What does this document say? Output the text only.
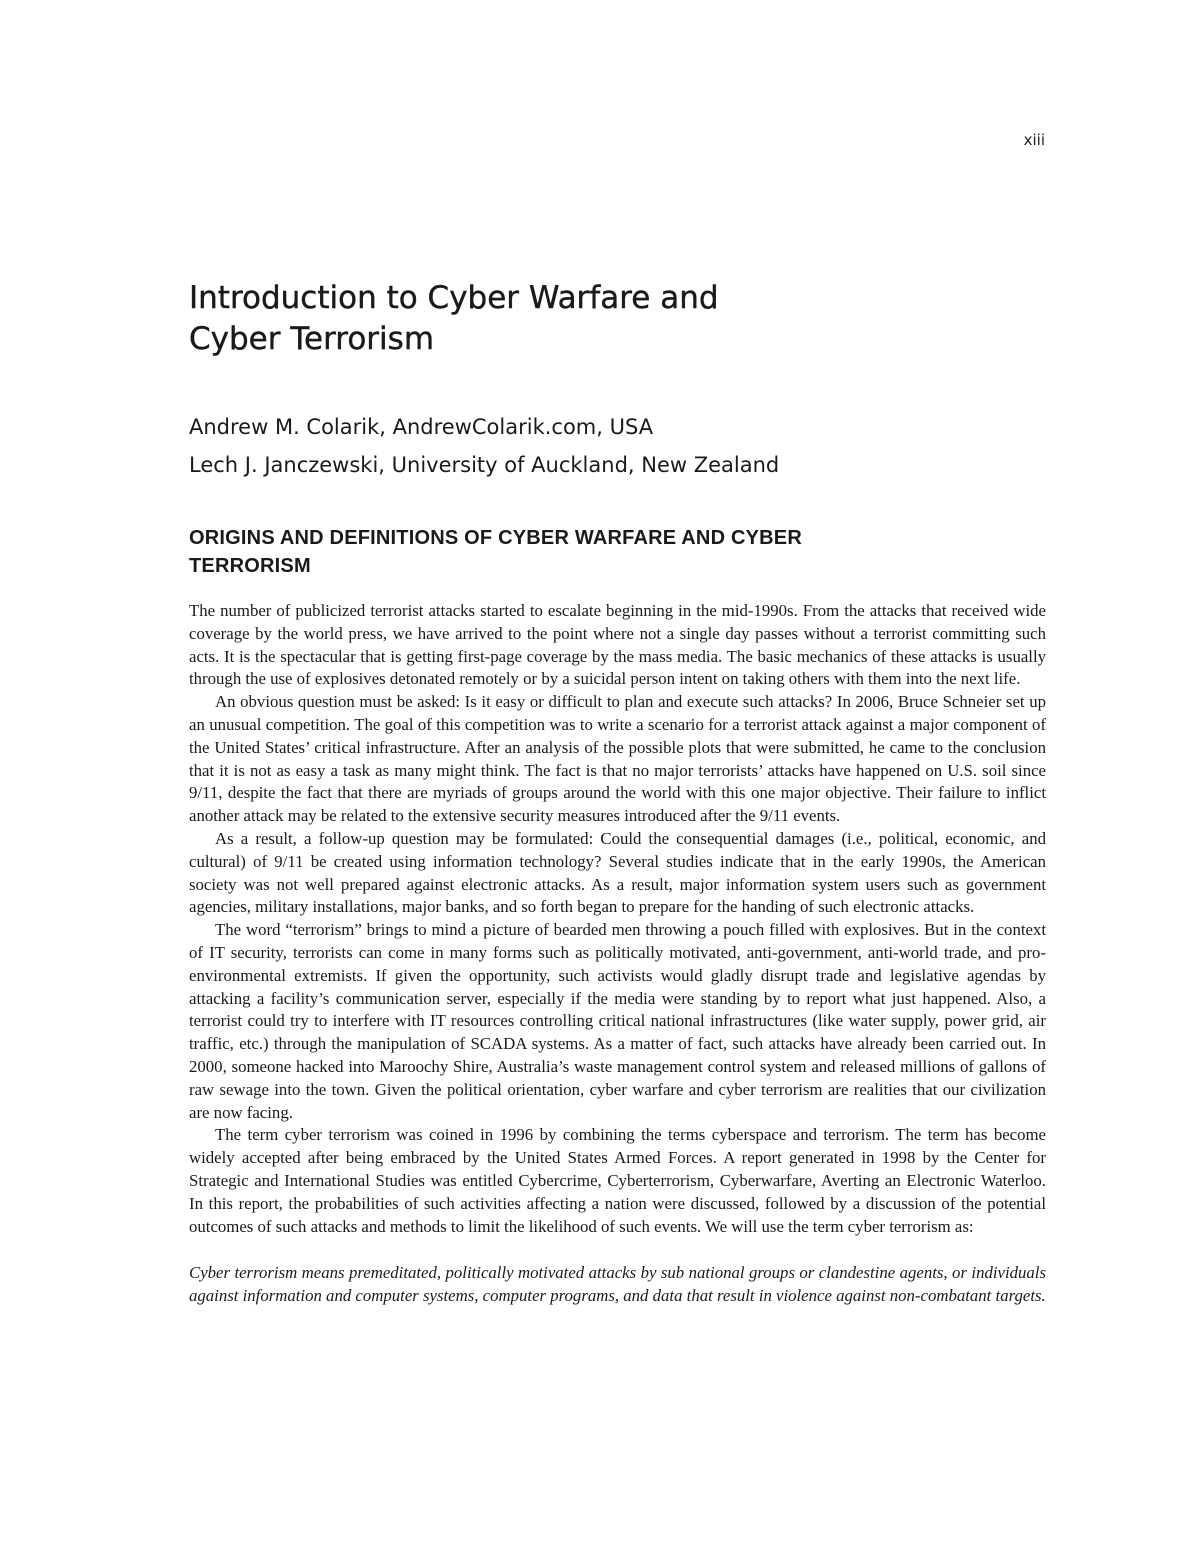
xiii
Introduction to Cyber Warfare and
Cyber Terrorism
Andrew M. Colarik, AndrewColarik.com, USA
Lech J. Janczewski, University of Auckland, New Zealand
ORIGINS AND DEFINITIONS OF CYBER WARFARE AND CYBER
TERRORISM

The number of publicized terrorist attacks started to escalate beginning in the mid-1990s. From the attacks that received wide coverage by the world press, we have arrived to the point where not a single day passes without a terrorist committing such acts. It is the spectacular that is getting first-page coverage by the mass media. The basic mechanics of these attacks is usually through the use of explosives detonated remotely or by a suicidal person intent on taking others with them into the next life.

An obvious question must be asked: Is it easy or difficult to plan and execute such attacks? In 2006, Bruce Schneier set up an unusual competition. The goal of this competition was to write a scenario for a terrorist attack against a major component of the United States’ critical infrastructure. After an analysis of the possible plots that were submitted, he came to the conclusion that it is not as easy a task as many might think. The fact is that no major terrorists’ attacks have happened on U.S. soil since 9/11, despite the fact that there are myriads of groups around the world with this one major objective. Their failure to inflict another attack may be related to the extensive security measures introduced after the 9/11 events.

As a result, a follow-up question may be formulated: Could the consequential damages (i.e., political, economic, and cultural) of 9/11 be created using information technology? Several studies indicate that in the early 1990s, the American society was not well prepared against electronic attacks. As a result, major information system users such as government agencies, military installations, major banks, and so forth began to prepare for the handing of such electronic attacks.

The word “terrorism” brings to mind a picture of bearded men throwing a pouch filled with explosives. But in the context of IT security, terrorists can come in many forms such as politically motivated, anti-government, anti-world trade, and pro-environmental extremists. If given the opportunity, such activists would gladly disrupt trade and legislative agendas by attacking a facility’s communication server, especially if the media were standing by to report what just happened. Also, a terrorist could try to interfere with IT resources controlling critical national infrastructures (like water supply, power grid, air traffic, etc.) through the manipulation of SCADA systems. As a matter of fact, such attacks have already been carried out. In 2000, someone hacked into Maroochy Shire, Australia’s waste management control system and released millions of gallons of raw sewage into the town. Given the political orientation, cyber warfare and cyber terrorism are realities that our civilization are now facing.

The term cyber terrorism was coined in 1996 by combining the terms cyberspace and terrorism. The term has become widely accepted after being embraced by the United States Armed Forces. A report generated in 1998 by the Center for Strategic and International Studies was entitled Cybercrime, Cyberterrorism, Cyberwarfare, Averting an Electronic Waterloo. In this report, the probabilities of such activities affecting a nation were discussed, followed by a discussion of the potential outcomes of such attacks and methods to limit the likelihood of such events. We will use the term cyber terrorism as:

Cyber terrorism means premeditated, politically motivated attacks by sub national groups or clandestine agents, or individuals against information and computer systems, computer programs, and data that result in violence against non-combatant targets.
